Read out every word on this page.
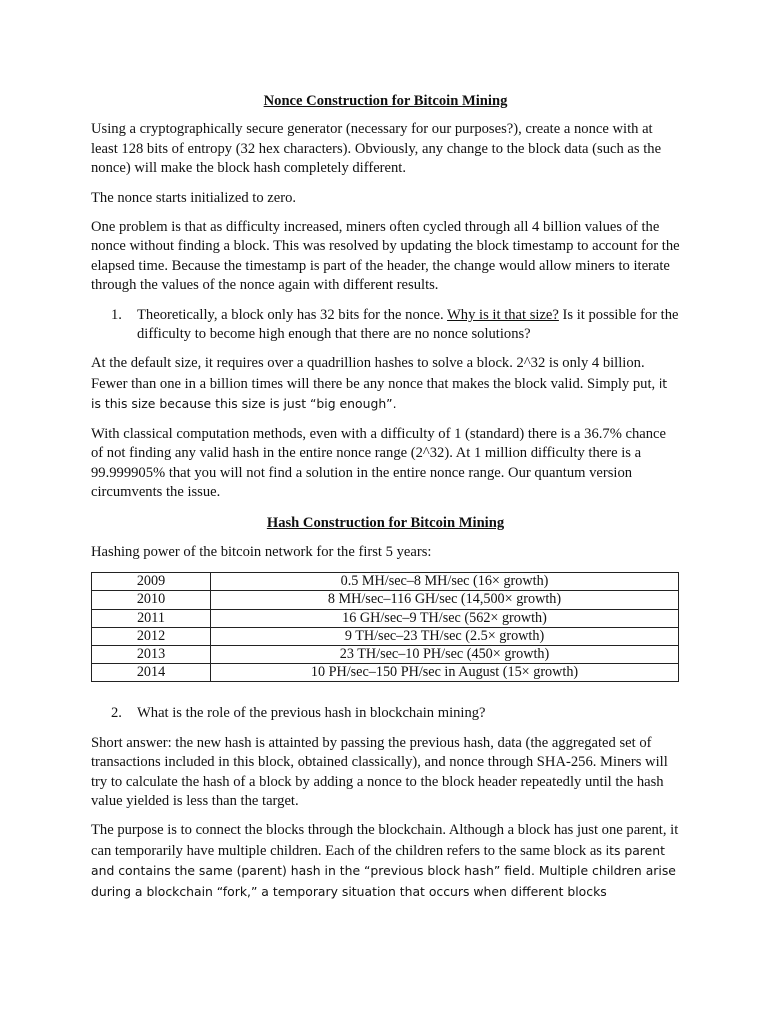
Nonce Construction for Bitcoin Mining

Using a cryptographically secure generator (necessary for our purposes?), create a nonce with at least 128 bits of entropy (32 hex characters). Obviously, any change to the block data (such as the nonce) will make the block hash completely different.

The nonce starts initialized to zero.

One problem is that as difficulty increased, miners often cycled through all 4 billion values of the nonce without finding a block. This was resolved by updating the block timestamp to account for the elapsed time. Because the timestamp is part of the header, the change would allow miners to iterate through the values of the nonce again with different results.

1.	Theoretically, a block only has 32 bits for the nonce. Why is it that size? Is it possible for the difficulty to become high enough that there are no nonce solutions?

At the default size, it requires over a quadrillion hashes to solve a block. 2^32 is only 4 billion. Fewer than one in a billion times will there be any nonce that makes the block valid. Simply put, it is this size because this size is just “big enough”.

With classical computation methods, even with a difficulty of 1 (standard) there is a 36.7% chance of not finding any valid hash in the entire nonce range (2^32). At 1 million difficulty there is a 99.999905% that you will not find a solution in the entire nonce range. Our quantum version circumvents the issue.

Hash Construction for Bitcoin Mining

Hashing power of the bitcoin network for the first 5 years:

2009	0.5 MH/sec–8 MH/sec (16× growth)
2010	8 MH/sec–116 GH/sec (14,500× growth)
2011	16 GH/sec–9 TH/sec (562× growth)
2012	9 TH/sec–23 TH/sec (2.5× growth)
2013	23 TH/sec–10 PH/sec (450× growth)
2014	10 PH/sec–150 PH/sec in August (15× growth)
2.	What is the role of the previous hash in blockchain mining?

Short answer: the new hash is attainted by passing the previous hash, data (the aggregated set of transactions included in this block, obtained classically), and nonce through SHA-256. Miners will try to calculate the hash of a block by adding a nonce to the block header repeatedly until the hash value yielded is less than the target.

The purpose is to connect the blocks through the blockchain. Although a block has just one parent, it can temporarily have multiple children. Each of the children refers to the same block as its parent and contains the same (parent) hash in the “previous block hash” field. Multiple children arise during a blockchain “fork,” a temporary situation that occurs when different blocks
